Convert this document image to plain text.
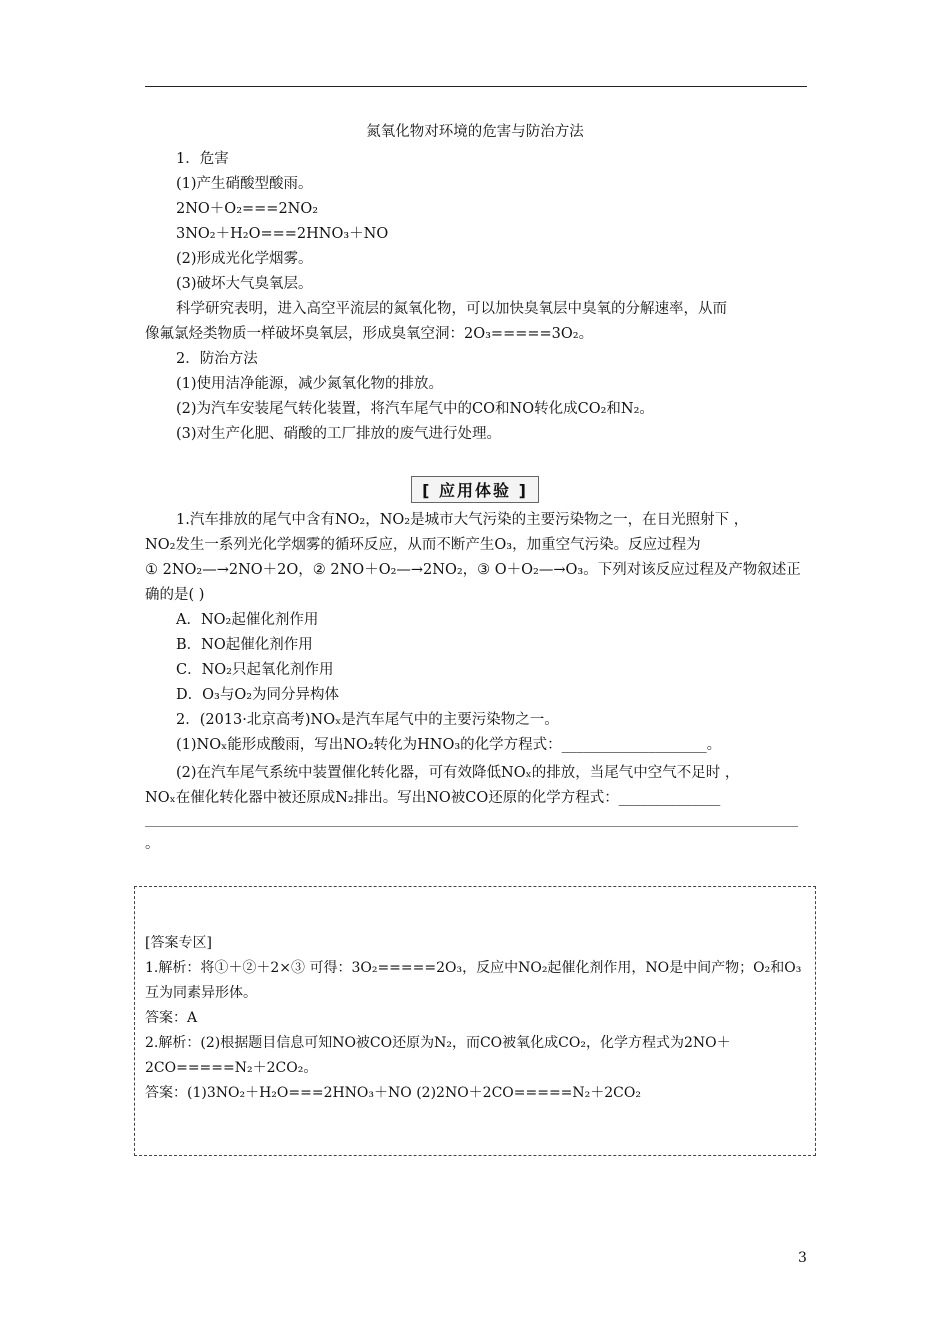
氮氧化物对环境的危害与防治方法
1．危害
(1)产生硝酸型酸雨。
2NO＋O₂===2NO₂
3NO₂＋H₂O===2HNO₃＋NO
(2)形成光化学烟雾。
(3)破坏大气臭氧层。
科学研究表明，进入高空平流层的氮氧化物，可以加快臭氧层中臭氧的分解速率，从而
像氟氯烃类物质一样破坏臭氧层，形成臭氧空洞：2O₃=====3O₂。
2．防治方法
(1)使用洁净能源，减少氮氧化物的排放。
(2)为汽车安装尾气转化装置，将汽车尾气中的CO和NO转化成CO₂和N₂。
(3)对生产化肥、硝酸的工厂排放的废气进行处理。
[ 应用体验 ]
1.汽车排放的尾气中含有NO₂，NO₂是城市大气污染的主要污染物之一，在日光照射下 ，
NO₂发生一系列光化学烟雾的循环反应，从而不断产生O₃，加重空气污染。反应过程为
① 2NO₂—→2NO＋2O，② 2NO＋O₂—→2NO₂，③ O＋O₂—→O₃。下列对该反应过程及产物叙述正
确的是( )
A．NO₂起催化剂作用
B．NO起催化剂作用
C．NO₂只起氧化剂作用
D．O₃与O₂为同分异构体
2．(2013·北京高考)NOₓ是汽车尾气中的主要污染物之一。
(1)NOₓ能形成酸雨，写出NO₂转化为HNO₃的化学方程式：____________________。
(2)在汽车尾气系统中装置催化转化器，可有效降低NOₓ的排放，当尾气中空气不足时 ，
NOₓ在催化转化器中被还原成N₂排出。写出NO被CO还原的化学方程式：______________
。
[答案专区]
1.解析：将①＋②＋2×③ 可得：3O₂=====2O₃，反应中NO₂起催化剂作用，NO是中间产物；O₂和O₃
互为同素异形体。
答案：A
2.解析：(2)根据题目信息可知NO被CO还原为N₂，而CO被氧化成CO₂，化学方程式为2NO＋
2CO=====N₂＋2CO₂。
答案：(1)3NO₂＋H₂O===2HNO₃＋NO (2)2NO＋2CO=====N₂＋2CO₂
3
